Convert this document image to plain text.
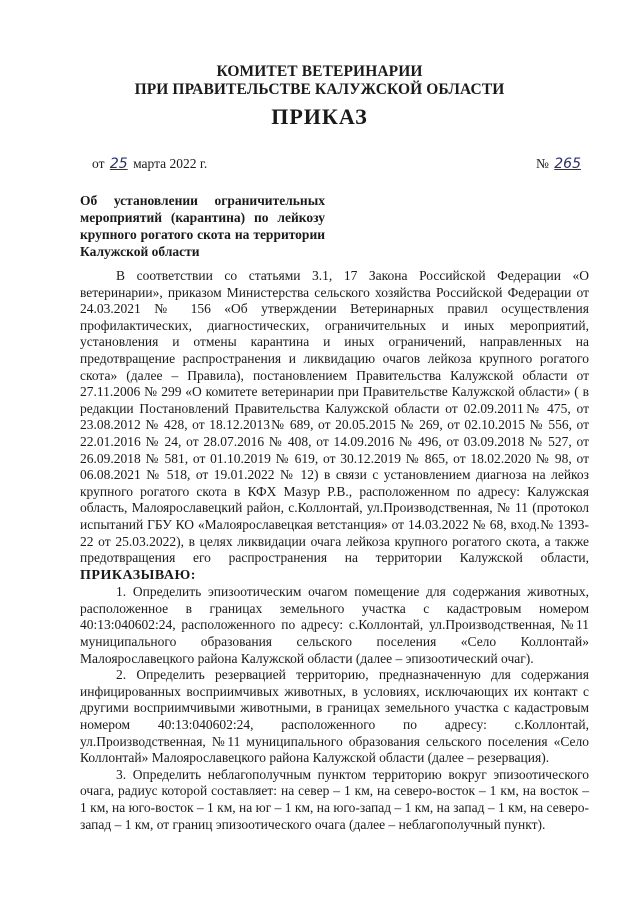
КОМИТЕТ ВЕТЕРИНАРИИ
ПРИ ПРАВИТЕЛЬСТВЕ КАЛУЖСКОЙ ОБЛАСТИ
ПРИКАЗ
от 25 марта 2022 г.	№ 265
Об установлении ограничительных мероприятий (карантина) по лейкозу крупного рогатого скота на территории Калужской области

В соответствии со статьями 3.1, 17 Закона Российской Федерации «О ветеринарии», приказом Министерства сельского хозяйства Российской Федерации от 24.03.2021 № 156 «Об утверждении Ветеринарных правил осуществления профилактических, диагностических, ограничительных и иных мероприятий, установления и отмены карантина и иных ограничений, направленных на предотвращение распространения и ликвидацию очагов лейкоза крупного рогатого скота» (далее – Правила), постановлением Правительства Калужской области от 27.11.2006 № 299 «О комитете ветеринарии при Правительстве Калужской области» ( в редакции Постановлений Правительства Калужской области от 02.09.2011№ 475, от 23.08.2012 № 428, от 18.12.2013№ 689, от 20.05.2015 № 269, от 02.10.2015 № 556, от 22.01.2016 № 24, от 28.07.2016 № 408, от 14.09.2016 № 496, от 03.09.2018 № 527, от 26.09.2018 № 581, от 01.10.2019 № 619, от 30.12.2019 № 865, от 18.02.2020 № 98, от 06.08.2021 № 518, от 19.01.2022 № 12) в связи с установлением диагноза на лейкоз крупного рогатого скота в КФХ Мазур Р.В., расположенном по адресу: Калужская область, Малоярославецкий район, с.Коллонтай, ул.Производственная, № 11 (протокол испытаний ГБУ КО «Малоярославецкая ветстанция» от 14.03.2022 № 68, вход.№ 1393-22 от 25.03.2022), в целях ликвидации очага лейкоза крупного рогатого скота, а также предотвращения его распространения на территории Калужской области, ПРИКАЗЫВАЮ:

1. Определить эпизоотическим очагом помещение для содержания животных, расположенное в границах земельного участка с кадастровым номером 40:13:040602:24, расположенного по адресу: с.Коллонтай, ул.Производственная, №11 муниципального образования сельского поселения «Село Коллонтай» Малоярославецкого района Калужской области (далее – эпизоотический очаг).

2. Определить резервацией территорию, предназначенную для содержания инфицированных восприимчивых животных, в условиях, исключающих их контакт с другими восприимчивыми животными, в границах земельного участка с кадастровым номером 40:13:040602:24, расположенного по адресу: с.Коллонтай, ул.Производственная, №11 муниципального образования сельского поселения «Село Коллонтай» Малоярославецкого района Калужской области (далее – резервация).

3. Определить неблагополучным пунктом территорию вокруг эпизоотического очага, радиус которой составляет: на север – 1 км, на северо-восток – 1 км, на восток – 1 км, на юго-восток – 1 км, на юг – 1 км, на юго-запад – 1 км, на запад – 1 км, на северо-запад – 1 км, от границ эпизоотического очага (далее – неблагополучный пункт).
